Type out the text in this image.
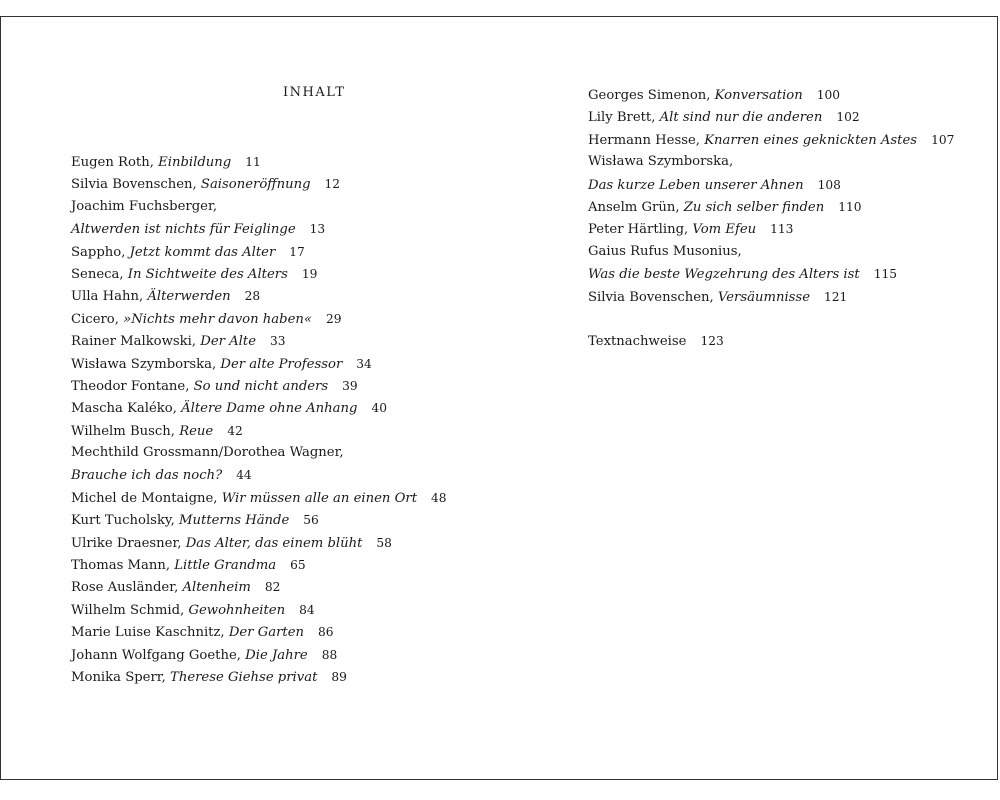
INHALT
Eugen Roth, Einbildung 11
Silvia Bovenschen, Saisoneröffnung 12
Joachim Fuchsberger,
Altwerden ist nichts für Feiglinge 13
Sappho, Jetzt kommt das Alter 17
Seneca, In Sichtweite des Alters 19
Ulla Hahn, Älterwerden 28
Cicero, »Nichts mehr davon haben« 29
Rainer Malkowski, Der Alte 33
Wisława Szymborska, Der alte Professor 34
Theodor Fontane, So und nicht anders 39
Mascha Kaléko, Ältere Dame ohne Anhang 40
Wilhelm Busch, Reue 42
Mechthild Grossmann/Dorothea Wagner,
Brauche ich das noch? 44
Michel de Montaigne, Wir müssen alle an einen Ort 48
Kurt Tucholsky, Mutterns Hände 56
Ulrike Draesner, Das Alter, das einem blüht 58
Thomas Mann, Little Grandma 65
Rose Ausländer, Altenheim 82
Wilhelm Schmid, Gewohnheiten 84
Marie Luise Kaschnitz, Der Garten 86
Johann Wolfgang Goethe, Die Jahre 88
Monika Sperr, Therese Giehse privat 89
Georges Simenon, Konversation 100
Lily Brett, Alt sind nur die anderen 102
Hermann Hesse, Knarren eines geknickten Astes 107
Wisława Szymborska,
Das kurze Leben unserer Ahnen 108
Anselm Grün, Zu sich selber finden 110
Peter Härtling, Vom Efeu 113
Gaius Rufus Musonius,
Was die beste Wegzehrung des Alters ist 115
Silvia Bovenschen, Versäumnisse 121
Textnachweise 123
